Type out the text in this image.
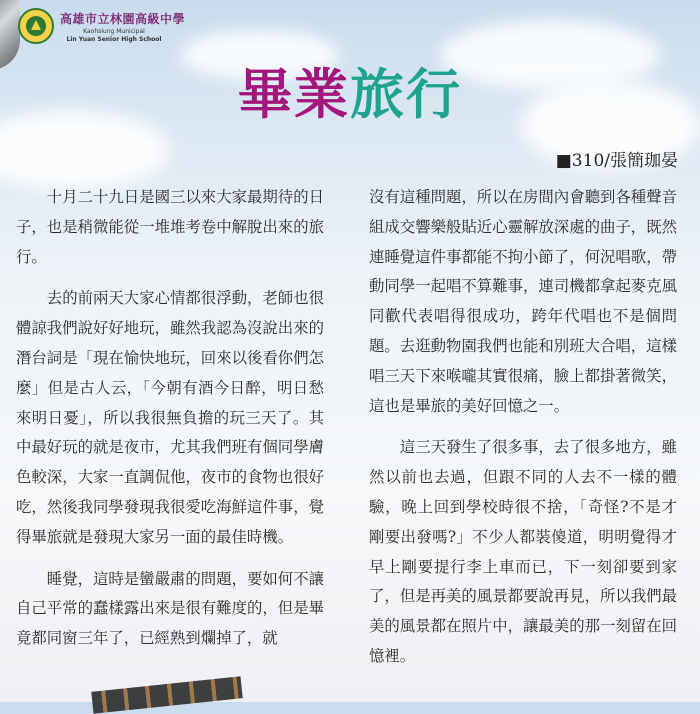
高雄市立林園高級中學
Kaohsiung Municipal
Lin Yuan Senior High School
畢業旅行
■310/張簡珈晏

十月二十九日是國三以來大家最期待的日子，也是稍微能從一堆堆考卷中解脫出來的旅行。

去的前兩天大家心情都很浮動，老師也很體諒我們說好好地玩，雖然我認為沒說出來的潛台詞是「現在愉快地玩，回來以後看你們怎麼」但是古人云，「今朝有酒今日醉，明日愁來明日憂」，所以我很無負擔的玩三天了。其中最好玩的就是夜市，尤其我們班有個同學膚色較深，大家一直調侃他，夜市的食物也很好吃，然後我同學發現我很愛吃海鮮這件事，覺得畢旅就是發現大家另一面的最佳時機。

睡覺，這時是蠻嚴肅的問題，要如何不讓自己平常的蠢樣露出來是很有難度的，但是畢竟都同窗三年了，已經熟到爛掉了，就

沒有這種問題，所以在房間內會聽到各種聲音組成交響樂般貼近心靈解放深處的曲子，既然連睡覺這件事都能不拘小節了，何況唱歌，帶動同學一起唱不算難事，連司機都拿起麥克風同歡代表唱得很成功，跨年代唱也不是個問題。去逛動物園我們也能和別班大合唱，這樣唱三天下來喉嚨其實很痛，臉上都掛著微笑，這也是畢旅的美好回憶之一。

這三天發生了很多事，去了很多地方，雖然以前也去過，但跟不同的人去不一樣的體驗，晚上回到學校時很不捨，「奇怪?不是才剛要出發嗎?」不少人都裝傻道，明明覺得才早上剛要提行李上車而已，下一刻卻要到家了，但是再美的風景都要說再見，所以我們最美的風景都在照片中，讓最美的那一刻留在回憶裡。
